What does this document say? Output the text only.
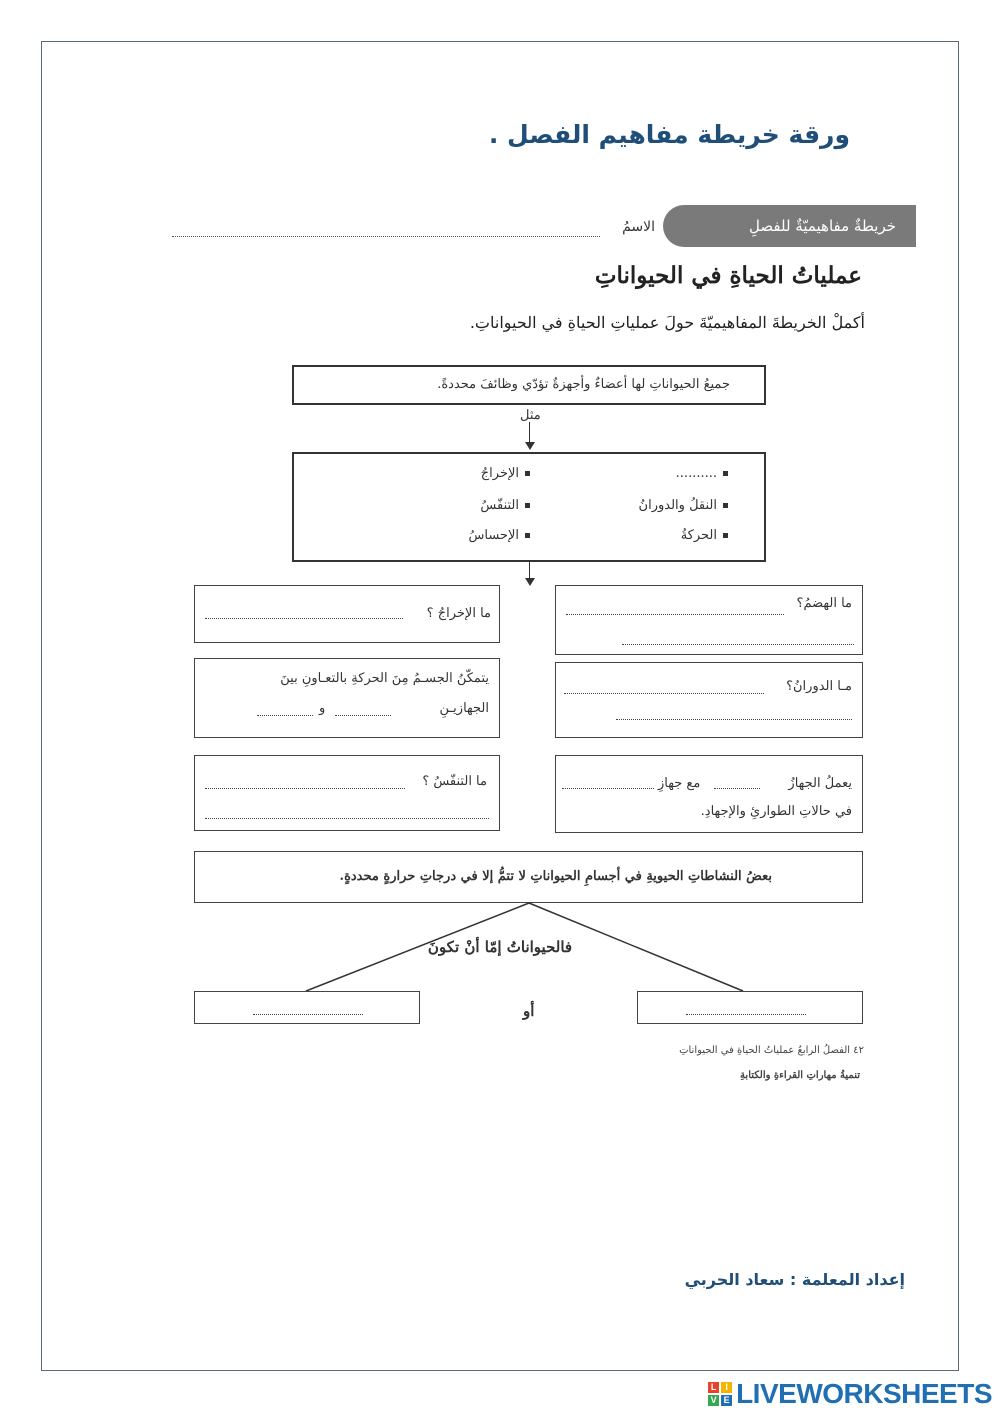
ورقة خريطة مفاهيم الفصل .
خريطةٌ مفاهيميّةٌ للفصلِ
الاسمُ
عملياتُ الحياةِ في الحيواناتِ
أكملْ الخريطةَ المفاهيميّةَ حولَ عملياتِ الحياةِ في الحيواناتِ.
جميعُ الحيواناتِ لها أعضاءٌ وأجهزةٌ تؤدّي وظائفَ محددةً.
مثل
..........
النقلُ والدورانُ
الحركةُ
الإخراجُ
التنفّسُ
الإحساسُ
ما الإخراجُ ؟
ما الهضمُ؟
يتمكّنُ الجسـمُ مِنَ الحركةِ بالتعـاونِ بينَ
الجهازيـنِ
و
مـا الدورانُ؟
ما التنفّسُ ؟	يعملُ الجهازُ
مع جهازِ
في حالاتِ الطوارئِ والإجهادِ.
بعضُ النشاطاتِ الحيويةِ في أجسامِ الحيواناتِ لا تتمُّ إلا في درجاتِ حرارةٍ محددةٍ.
فالحيواناتُ إمّا أنْ تكونَ
أو
٤٢ الفصلُ الرابعُ عملياتُ الحياةِ في الحيواناتِ
تنميةُ مهاراتِ القراءةِ والكتابةِ
إعداد المعلمة : سعاد الحربي
L I
V E LIVEWORKSHEETS
